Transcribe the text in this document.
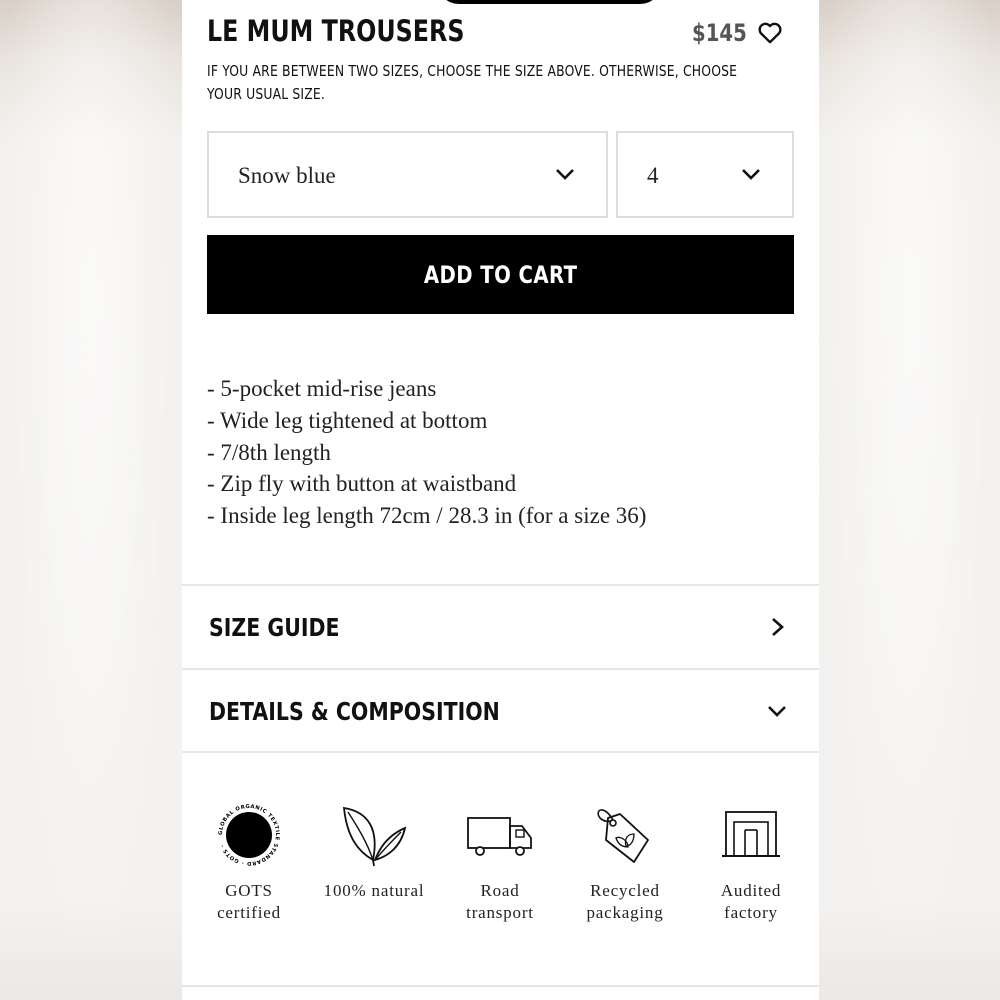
LE MUM TROUSERS	$145

IF YOU ARE BETWEEN TWO SIZES, CHOOSE THE SIZE ABOVE. OTHERWISE, CHOOSE YOUR USUAL SIZE.

Snow blue	4
ADD TO CART
- 5-pocket mid-rise jeans
- Wide leg tightened at bottom
- 7/8th length
- Zip fly with button at waistband
- Inside leg length 72cm / 28.3 in (for a size 36)
SIZE GUIDE
DETAILS & COMPOSITION
GLOBAL ORGANIC TEXTILE STANDARD · GOTS ·
GOTS
certified
100% natural	Road
transport
Recycled
packaging
Audited
factory
